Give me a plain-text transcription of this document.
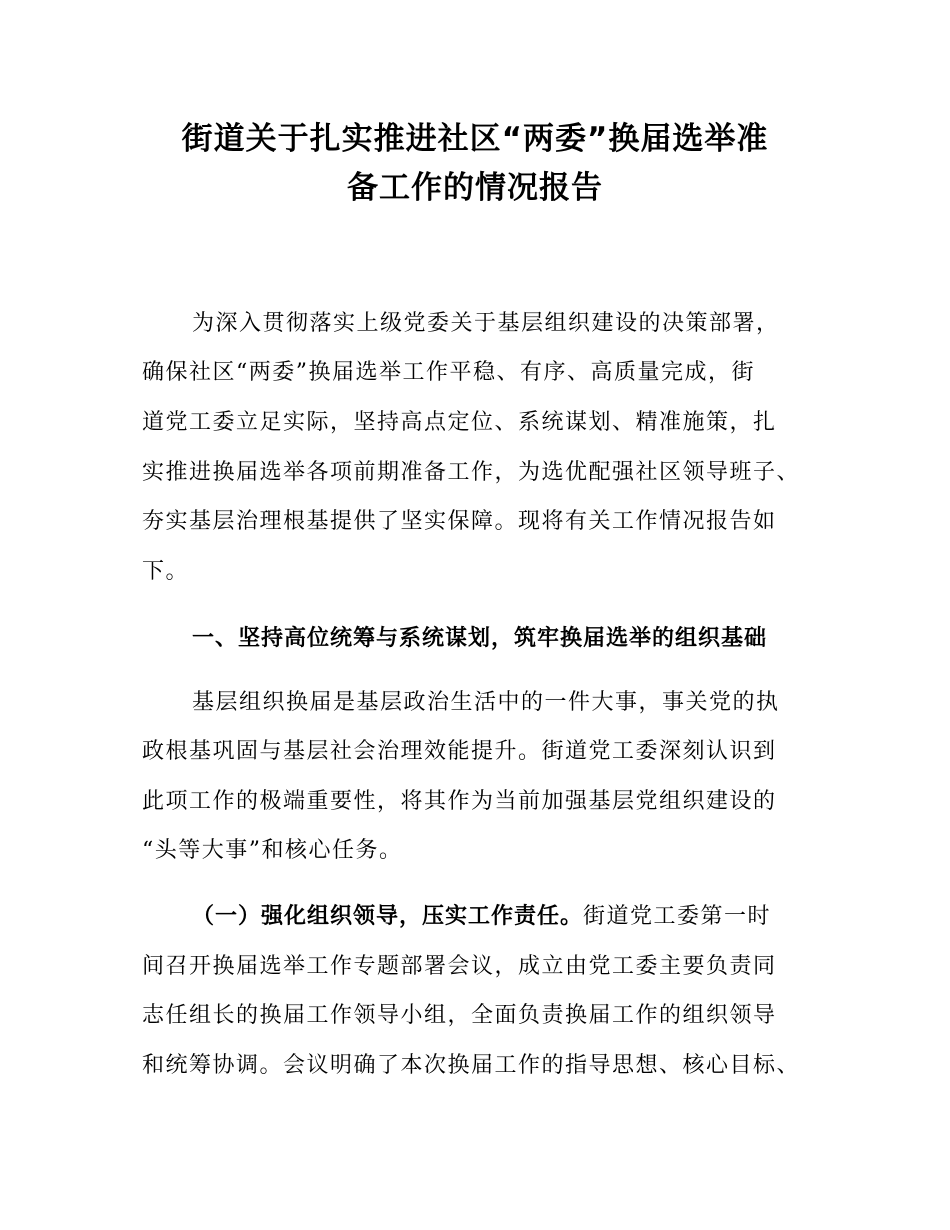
街道关于扎实推进社区“两委”换届选举准
备工作的情况报告
为深入贯彻落实上级党委关于基层组织建设的决策部署，
确保社区“两委”换届选举工作平稳、有序、高质量完成，街
道党工委立足实际，坚持高点定位、系统谋划、精准施策，扎
实推进换届选举各项前期准备工作，为选优配强社区领导班子、
夯实基层治理根基提供了坚实保障。现将有关工作情况报告如
下。
一、坚持高位统筹与系统谋划，筑牢换届选举的组织基础
基层组织换届是基层政治生活中的一件大事，事关党的执
政根基巩固与基层社会治理效能提升。街道党工委深刻认识到
此项工作的极端重要性，将其作为当前加强基层党组织建设的
“头等大事”和核心任务。
（一）强化组织领导，压实工作责任。街道党工委第一时
间召开换届选举工作专题部署会议，成立由党工委主要负责同
志任组长的换届工作领导小组，全面负责换届工作的组织领导
和统筹协调。会议明确了本次换届工作的指导思想、核心目标、
